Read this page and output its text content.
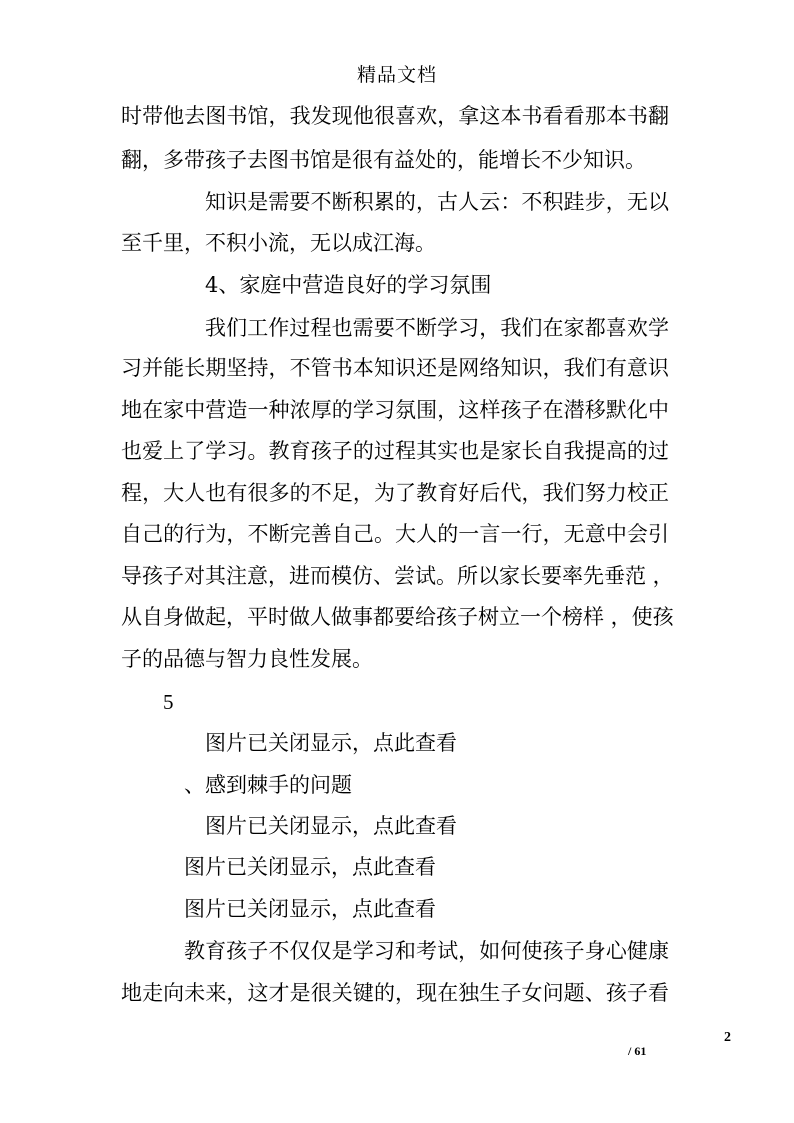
精品文档
时带他去图书馆，我发现他很喜欢，拿这本书看看那本书翻
翻，多带孩子去图书馆是很有益处的，能增长不少知识。
知识是需要不断积累的，古人云：不积跬步，无以
至千里，不积小流，无以成江海。
4、家庭中营造良好的学习氛围
我们工作过程也需要不断学习，我们在家都喜欢学
习并能长期坚持，不管书本知识还是网络知识，我们有意识
地在家中营造一种浓厚的学习氛围，这样孩子在潜移默化中
也爱上了学习。教育孩子的过程其实也是家长自我提高的过
程，大人也有很多的不足，为了教育好后代，我们努力校正
自己的行为，不断完善自己。大人的一言一行，无意中会引
导孩子对其注意，进而模仿、尝试。所以家长要率先垂范 ，
从自身做起，平时做人做事都要给孩子树立一个榜样 ，使孩
子的品德与智力良性发展。
5
图片已关闭显示，点此查看
、感到棘手的问题
图片已关闭显示，点此查看
图片已关闭显示，点此查看
图片已关闭显示，点此查看
教育孩子不仅仅是学习和考试，如何使孩子身心健康
地走向未来，这才是很关键的，现在独生子女问题、孩子看
2
/ 61
